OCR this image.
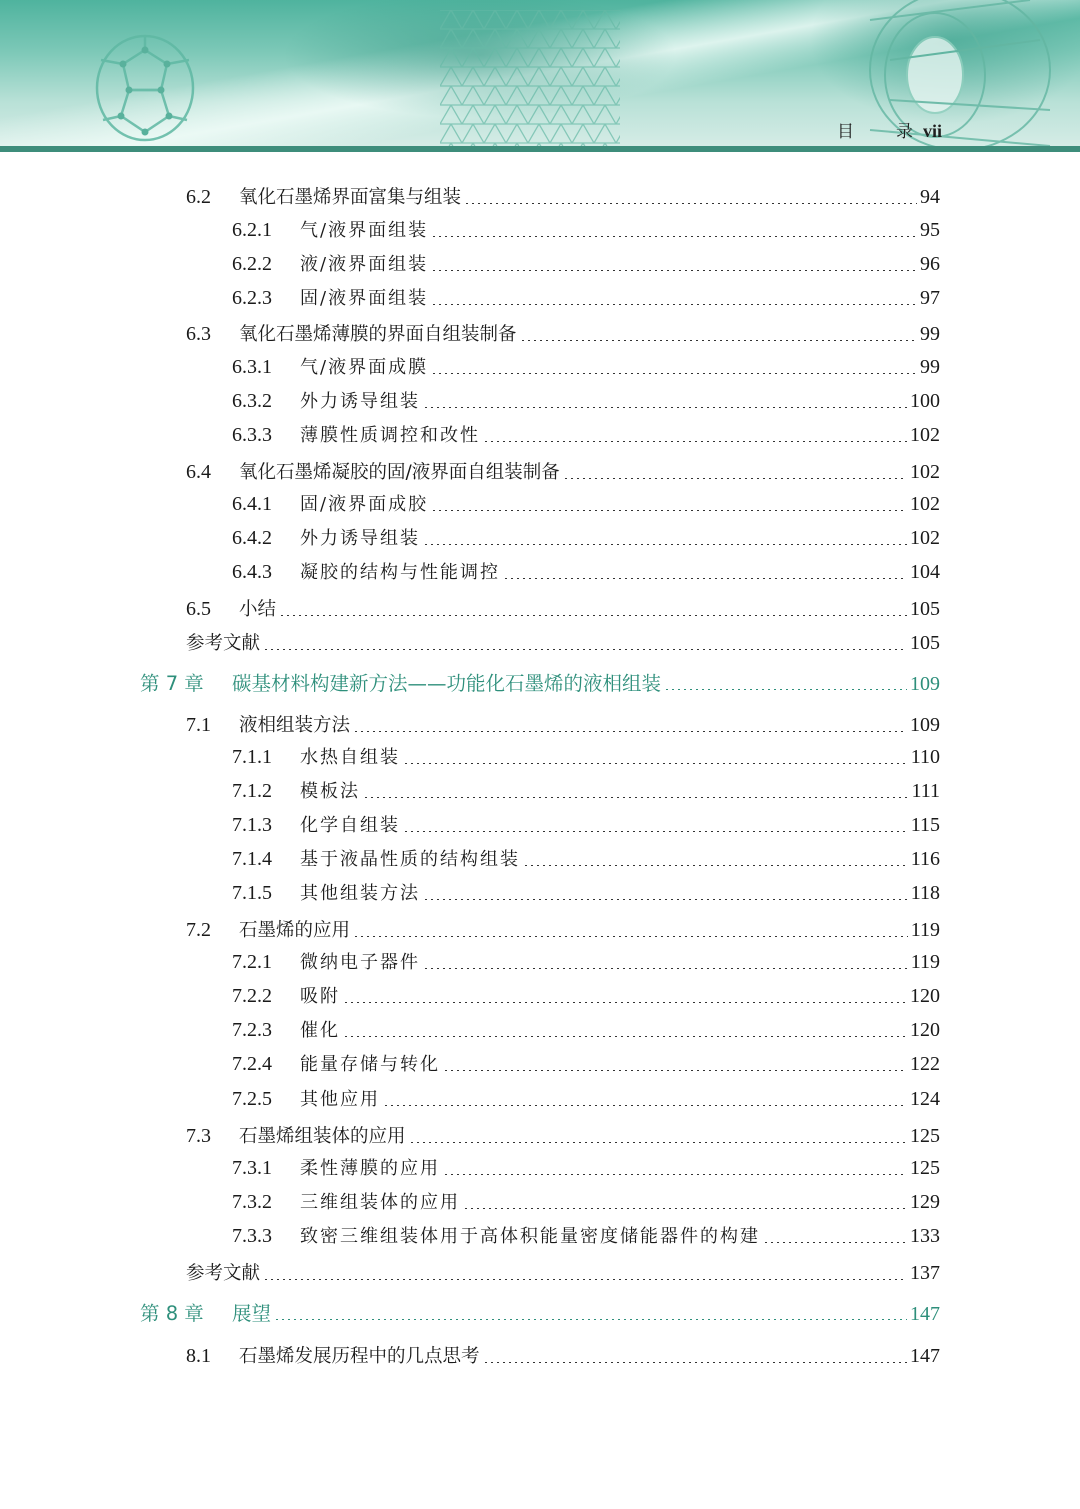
目 录 vii
6.2	氧化石墨烯界面富集与组装	94
6.2.1	气/液界面组装	95
6.2.2	液/液界面组装	96
6.2.3	固/液界面组装	97
6.3	氧化石墨烯薄膜的界面自组装制备	99
6.3.1	气/液界面成膜	99
6.3.2	外力诱导组装	100
6.3.3	薄膜性质调控和改性	102
6.4	氧化石墨烯凝胶的固/液界面自组装制备	102
6.4.1	固/液界面成胶	102
6.4.2	外力诱导组装	102
6.4.3	凝胶的结构与性能调控	104
6.5	小结	105
参考文献	105
第 7 章	碳基材料构建新方法——功能化石墨烯的液相组装	109
7.1	液相组装方法	109
7.1.1	水热自组装	110
7.1.2	模板法	111
7.1.3	化学自组装	115
7.1.4	基于液晶性质的结构组装	116
7.1.5	其他组装方法	118
7.2	石墨烯的应用	119
7.2.1	微纳电子器件	119
7.2.2	吸附	120
7.2.3	催化	120
7.2.4	能量存储与转化	122
7.2.5	其他应用	124
7.3	石墨烯组装体的应用	125
7.3.1	柔性薄膜的应用	125
7.3.2	三维组装体的应用	129
7.3.3	致密三维组装体用于高体积能量密度储能器件的构建	133
参考文献	137
第 8 章	展望	147
8.1	石墨烯发展历程中的几点思考	147
